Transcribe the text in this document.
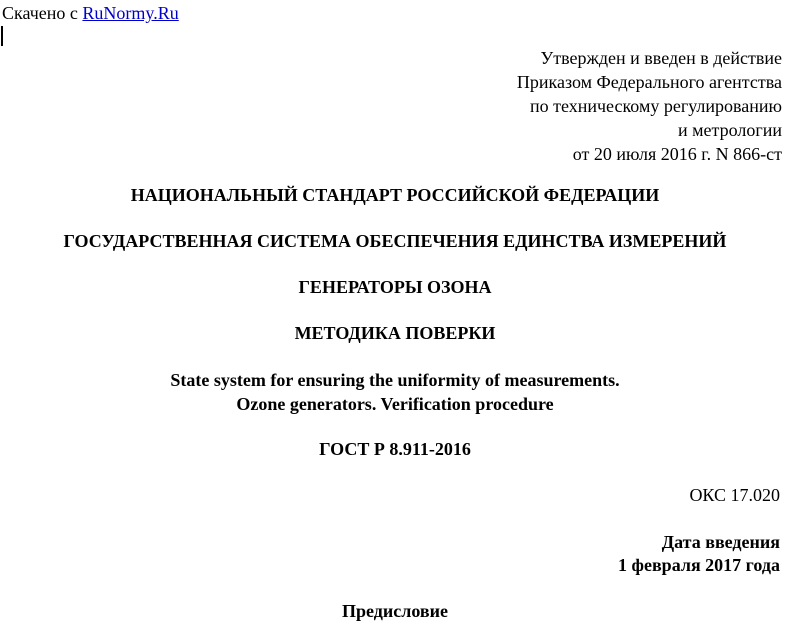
Скачено с RuNormy.Ru
Утвержден и введен в действие
Приказом Федерального агентства
по техническому регулированию
и метрологии
от 20 июля 2016 г. N 866-ст
НАЦИОНАЛЬНЫЙ СТАНДАРТ РОССИЙСКОЙ ФЕДЕРАЦИИ
ГОСУДАРСТВЕННАЯ СИСТЕМА ОБЕСПЕЧЕНИЯ ЕДИНСТВА ИЗМЕРЕНИЙ
ГЕНЕРАТОРЫ ОЗОНА
МЕТОДИКА ПОВЕРКИ
State system for ensuring the uniformity of measurements.
Ozone generators. Verification procedure
ГОСТ Р 8.911-2016
ОКС 17.020
Дата введения
1 февраля 2017 года
Предисловие
